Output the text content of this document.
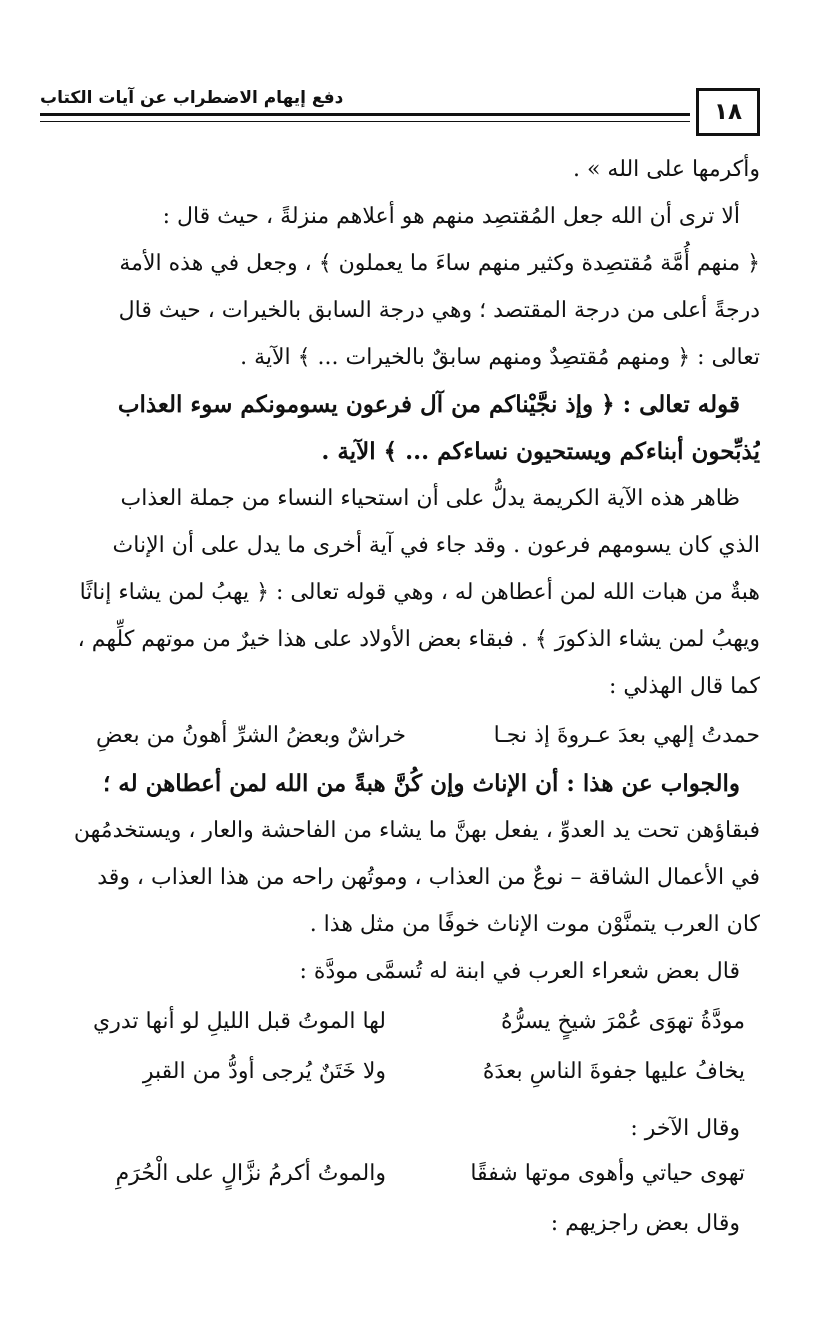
دفع إيهام الاضطراب عن آيات الكتاب
١٨
وأكرمها على الله » .
ألا ترى أن الله جعل المُقتصِد منهم هو أعلاهم منزلةً ، حيث قال :
﴿ منهم أُمَّة مُقتصِدة وكثير منهم ساءَ ما يعملون ﴾ ، وجعل في هذه الأمة
درجةً أعلى من درجة المقتصد ؛ وهي درجة السابق بالخيرات ، حيث قال
تعالى : ﴿ ومنهم مُقتصِدٌ ومنهم سابقٌ بالخيرات ... ﴾ الآية .
قوله تعالى : ﴿ وإذ نجَّيْناكم من آل فرعون يسومونكم سوء العذاب
يُذبِّحون أبناءكم ويستحيون نساءكم ... ﴾ الآية .
ظاهر هذه الآية الكريمة يدلُّ على أن استحياء النساء من جملة العذاب
الذي كان يسومهم فرعون . وقد جاء في آية أخرى ما يدل على أن الإناث
هبةٌ من هبات الله لمن أعطاهن له ، وهي قوله تعالى : ﴿ يهبُ لمن يشاء إناثًا
ويهبُ لمن يشاء الذكورَ ﴾ . فبقاء بعض الأولاد على هذا خيرٌ من موتهم كلِّهم ،
كما قال الهذلي :
حمدتُ إلهي بعدَ عـروةَ إذ نجـا
خراشٌ وبعضُ الشرِّ أهونُ من بعضِ
والجواب عن هذا : أن الإناث وإن كُنَّ هبةً من الله لمن أعطاهن له ؛
فبقاؤهن تحت يد العدوِّ ، يفعل بهنَّ ما يشاء من الفاحشة والعار ، ويستخدمُهن
في الأعمال الشاقة – نوعٌ من العذاب ، وموتُهن راحه من هذا العذاب ، وقد
كان العرب يتمنَّوْن موت الإناث خوفًا من مثل هذا .
قال بعض شعراء العرب في ابنة له تُسمَّى مودَّة :
مودَّةُ تهوَى عُمْرَ شيخٍ يسرُّهُ
لها الموتُ قبل الليلِ لو أنها تدري
يخافُ عليها جفوةَ الناسِ بعدَهُ
ولا خَتَنٌ يُرجى أودُّ من القبرِ
وقال الآخر :
تهوى حياتي وأهوى موتها شفقًا
والموتُ أكرمُ نزَّالٍ على الْحُرَمِ
وقال بعض راجزيهم :
